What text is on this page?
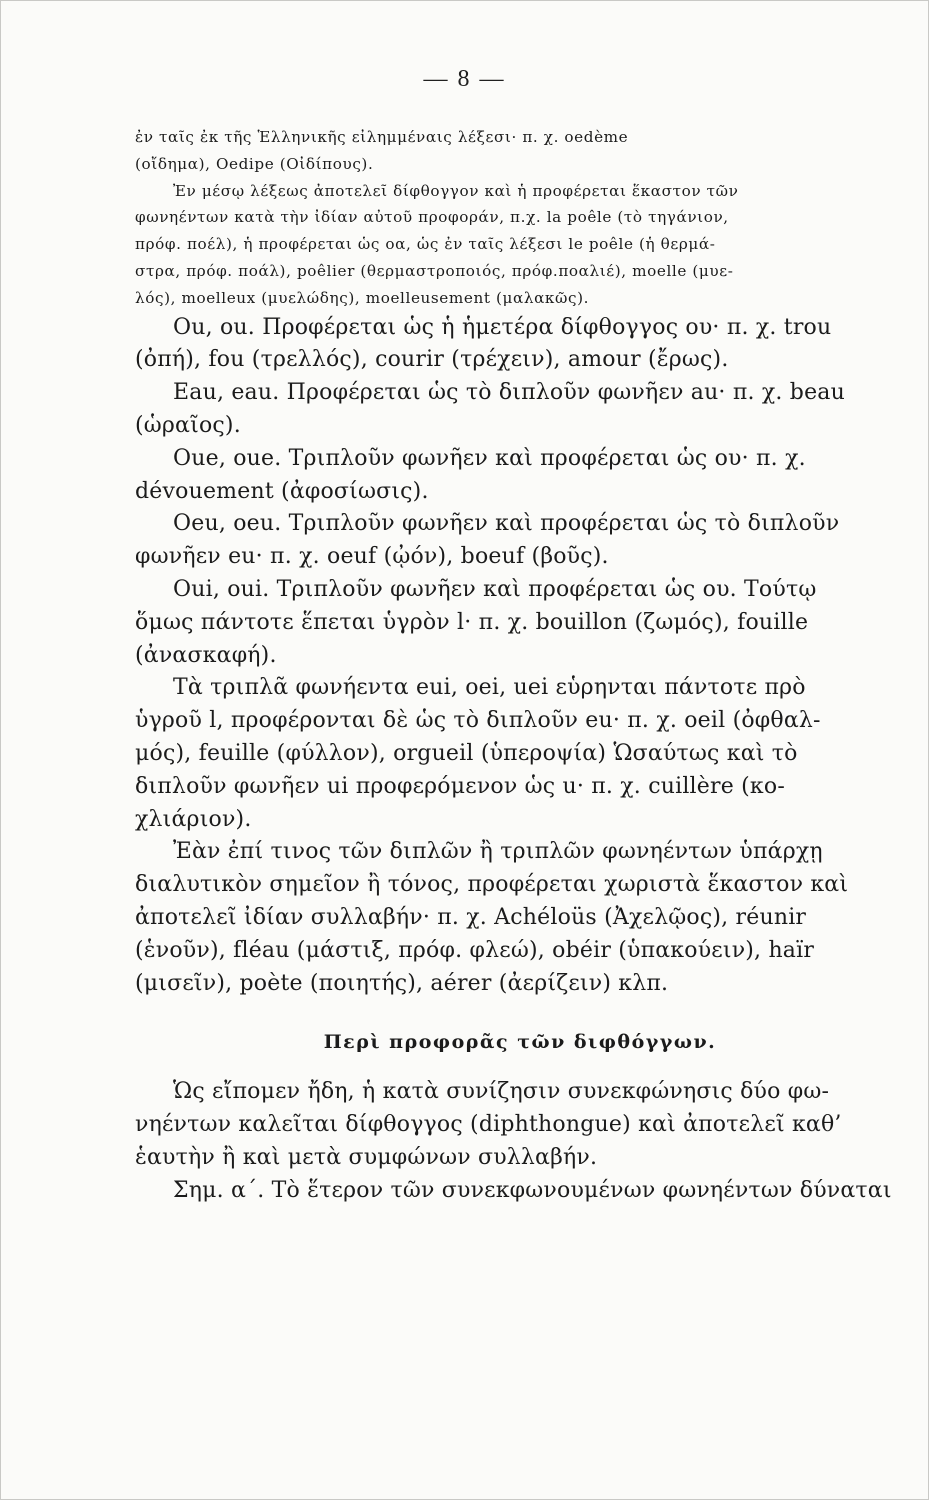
— 8 —
ἐν ταῖς ἐκ τῆς Ἑλληνικῆς εἰλημμέναις λέξεσι· π. χ. oedème
(οἴδημα), Oedipe (Οἰδίπους).
Ἐν μέσῳ λέξεως ἀποτελεῖ δίφθογγον καὶ ἡ προφέρεται ἕκαστον τῶν
φωνηέντων κατὰ τὴν ἰδίαν αὐτοῦ προφοράν, π.χ. la poêle (τὸ τηγάνιον,
πρόφ. ποέλ), ἡ προφέρεται ὡς οα, ὡς ἐν ταῖς λέξεσι le poêle (ἡ θερμά-
στρα, πρόφ. ποάλ), poêlier (θερμαστροποιός, πρόφ.ποαλιέ), moelle (μυε-
λός), moelleux (μυελώδης), moelleusement (μαλακῶς).
Ou, ou. Προφέρεται ὡς ἡ ἡμετέρα δίφθογγος ου· π. χ. trou
(ὀπή), fou (τρελλός), courir (τρέχειν), amour (ἔρως).
Eau, eau. Προφέρεται ὡς τὸ διπλοῦν φωνῆεν au· π. χ. beau
(ὡραῖος).
Oue, oue. Τριπλοῦν φωνῆεν καὶ προφέρεται ὡς ου· π. χ.
dévouement (ἀφοσίωσις).
Oeu, oeu. Τριπλοῦν φωνῆεν καὶ προφέρεται ὡς τὸ διπλοῦν
φωνῆεν eu· π. χ. oeuf (ᾠόν), boeuf (βοῦς).
Oui, oui. Τριπλοῦν φωνῆεν καὶ προφέρεται ὡς ου. Τούτῳ
ὅμως πάντοτε ἕπεται ὑγρὸν l· π. χ. bouillon (ζωμός), fouille
(ἀνασκαφή).
Τὰ τριπλᾶ φωνήεντα eui, oei, uei εὑρηνται πάντοτε πρὸ
ὑγροῦ l, προφέρονται δὲ ὡς τὸ διπλοῦν eu· π. χ. oeil (ὀφθαλ-
μός), feuille (φύλλον), orgueil (ὑπεροψία) Ὡσαύτως καὶ τὸ
διπλοῦν φωνῆεν ui προφερόμενον ὡς u· π. χ. cuillère (κο-
χλιάριον).
Ἐὰν ἐπί τινος τῶν διπλῶν ἢ τριπλῶν φωνηέντων ὑπάρχῃ
διαλυτικὸν σημεῖον ἢ τόνος, προφέρεται χωριστὰ ἕκαστον καὶ
ἀποτελεῖ ἰδίαν συλλαβήν· π. χ. Achéloüs (Ἀχελῷος), réunir
(ἑνοῦν), fléau (μάστιξ, πρόφ. φλεώ), obéir (ὑπακούειν), haïr
(μισεῖν), poète (ποιητής), aérer (ἀερίζειν) κλπ.
Περὶ προφορᾶς τῶν διφθόγγων.
Ὡς εἴπομεν ἤδη, ἡ κατὰ συνίζησιν συνεκφώνησις δύο φω-
νηέντων καλεῖται δίφθογγος (diphthongue) καὶ ἀποτελεῖ καθ’
ἑαυτὴν ἢ καὶ μετὰ συμφώνων συλλαβήν.
Σημ. α΄. Τὸ ἕτερον τῶν συνεκφωνουμένων φωνηέντων δύναται
